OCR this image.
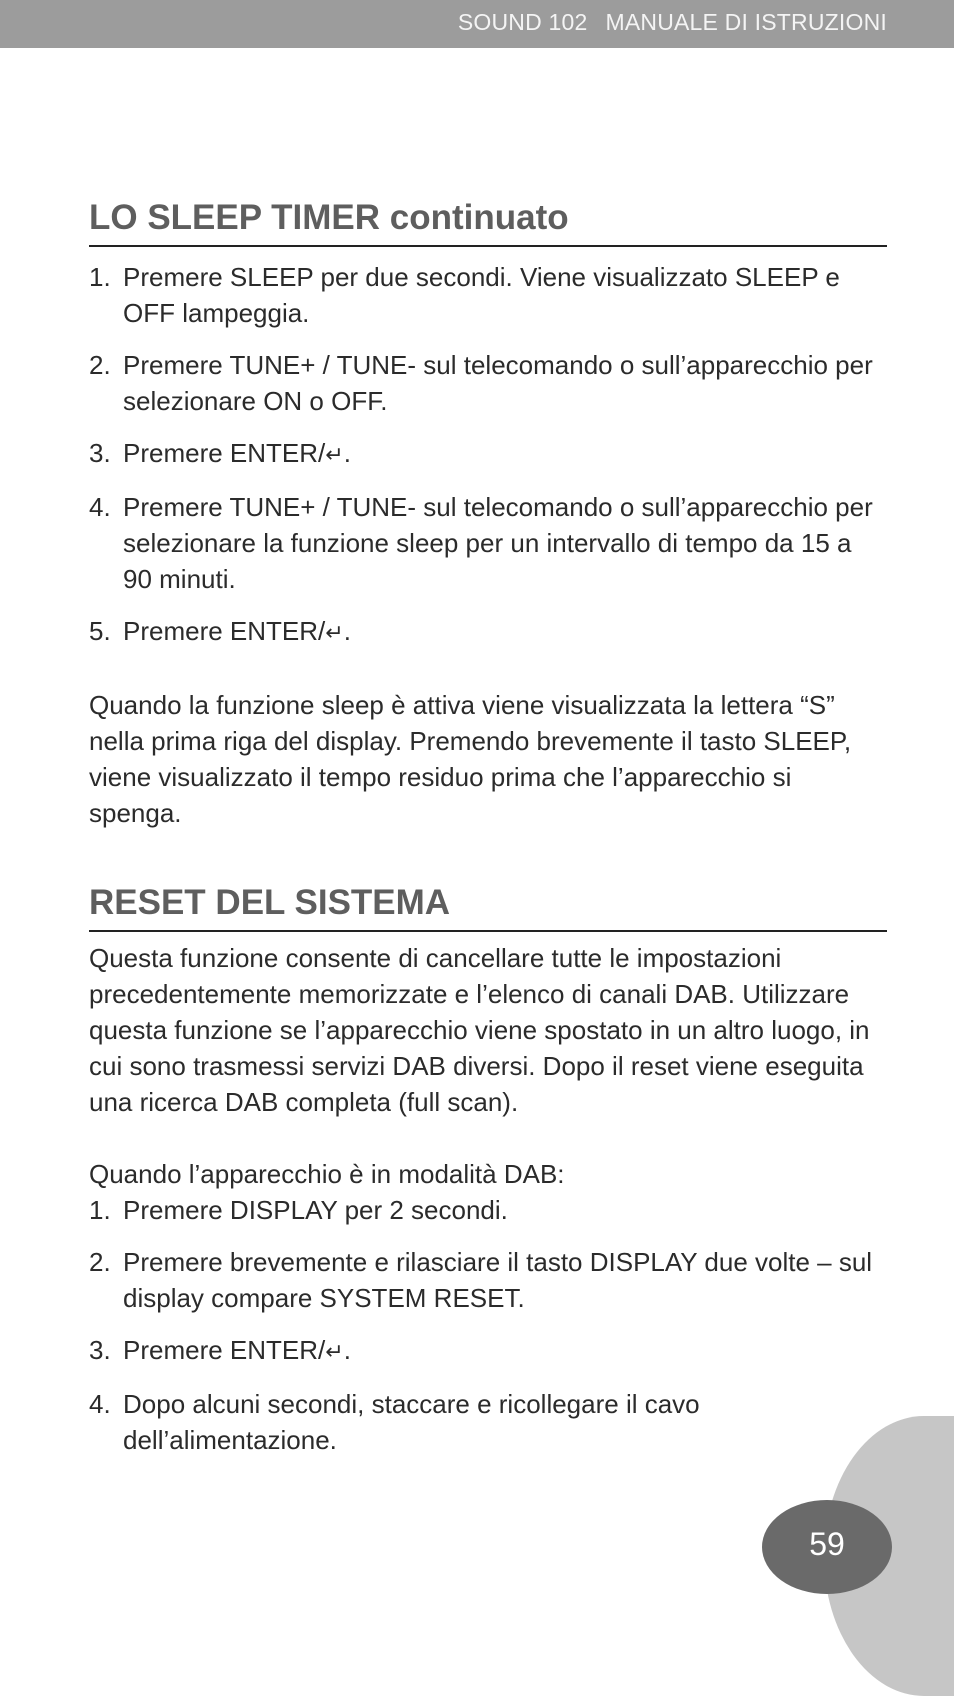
SOUND 102 MANUALE DI ISTRUZIONI
LO SLEEP TIMER continuato
1. Premere SLEEP per due secondi. Viene visualizzato SLEEP e OFF lampeggia.
2. Premere TUNE+ / TUNE- sul telecomando o sull’apparecchio per selezionare ON o OFF.
3. Premere ENTER/↵.
4. Premere TUNE+ / TUNE- sul telecomando o sull’apparecchio per selezionare la funzione sleep per un intervallo di tempo da 15 a 90 minuti.
5. Premere ENTER/↵.

Quando la funzione sleep è attiva viene visualizzata la lettera “S” nella prima riga del display. Premendo brevemente il tasto SLEEP, viene visualizzato il tempo residuo prima che l’apparecchio si spenga.

RESET DEL SISTEMA

Questa funzione consente di cancellare tutte le impostazioni precedentemente memorizzate e l’elenco di canali DAB. Utilizzare questa funzione se l’apparecchio viene spostato in un altro luogo, in cui sono trasmessi servizi DAB diversi. Dopo il reset viene eseguita una ricerca DAB completa (full scan).

Quando l’apparecchio è in modalità DAB:

1. Premere DISPLAY per 2 secondi.
2. Premere brevemente e rilasciare il tasto DISPLAY due volte – sul display compare SYSTEM RESET.
3. Premere ENTER/↵.
4. Dopo alcuni secondi, staccare e ricollegare il cavo dell’alimentazione.
59
